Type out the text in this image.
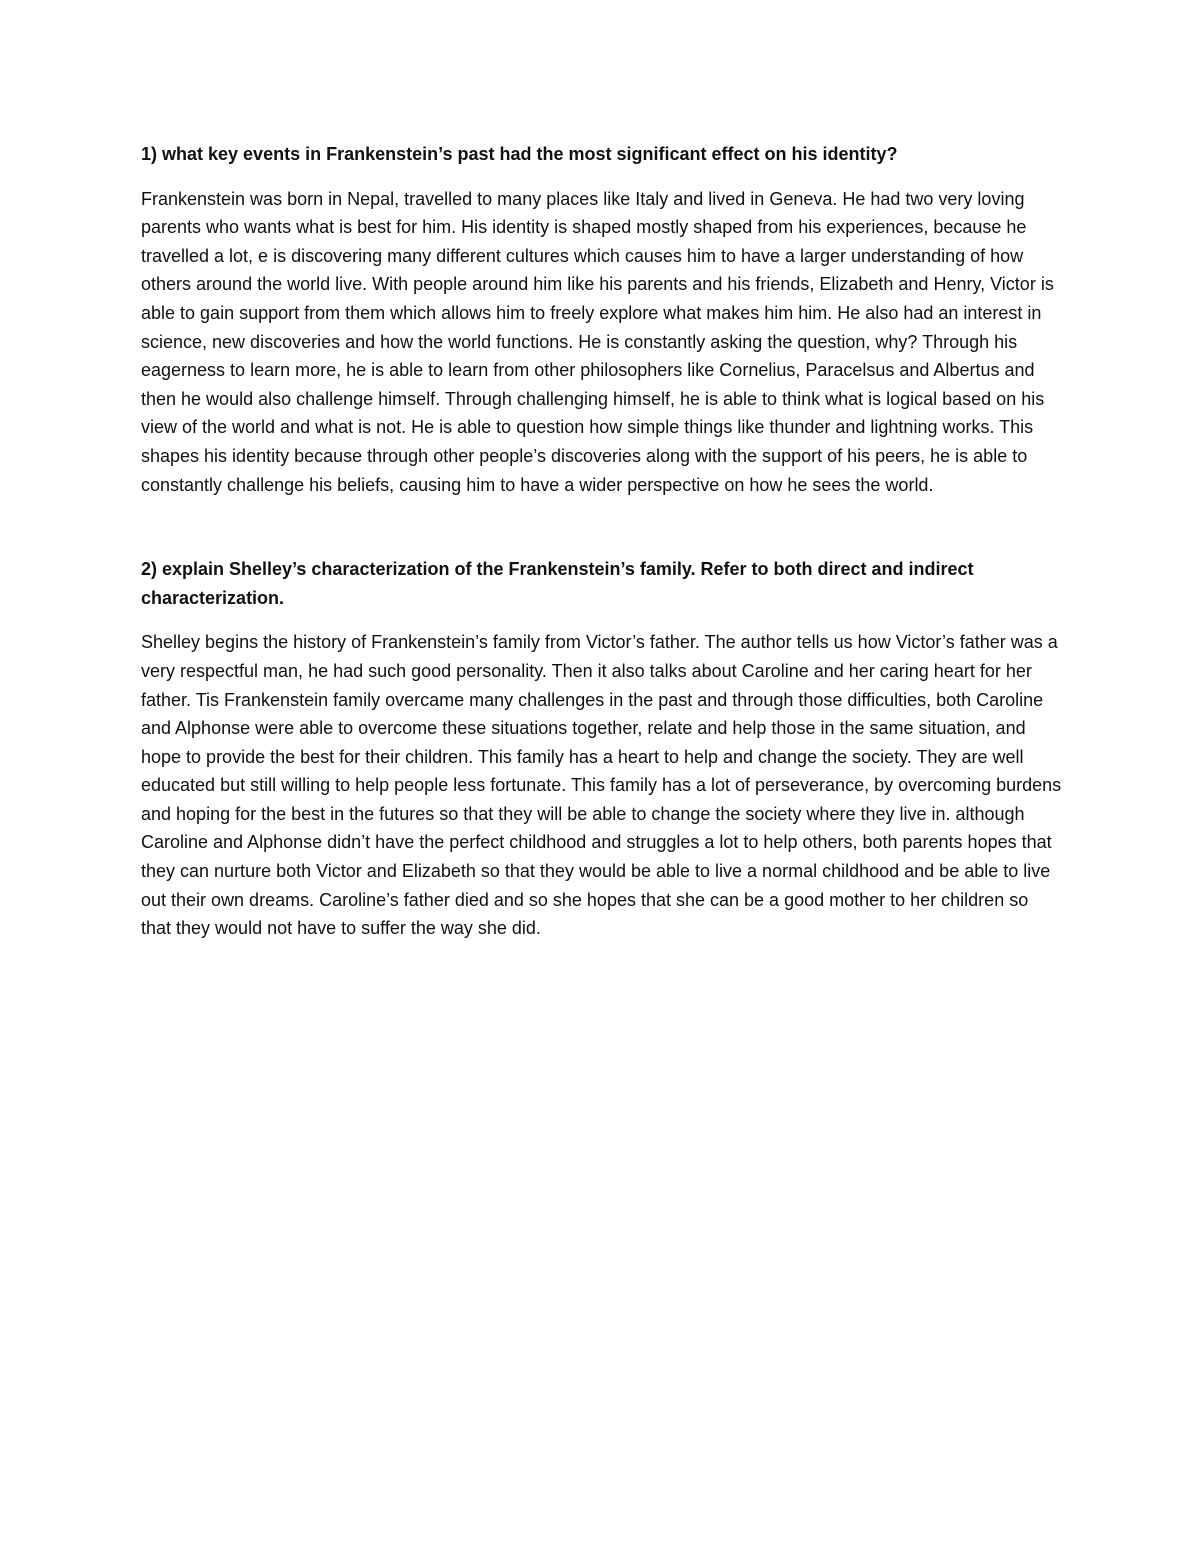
1) what key events in Frankenstein’s past had the most significant effect on his identity?

Frankenstein was born in Nepal, travelled to many places like Italy and lived in Geneva. He had two very loving parents who wants what is best for him. His identity is shaped mostly shaped from his experiences, because he travelled a lot, e is discovering many different cultures which causes him to have a larger understanding of how others around the world live. With people around him like his parents and his friends, Elizabeth and Henry, Victor is able to gain support from them which allows him to freely explore what makes him him. He also had an interest in science, new discoveries and how the world functions. He is constantly asking the question, why? Through his eagerness to learn more, he is able to learn from other philosophers like Cornelius, Paracelsus and Albertus and then he would also challenge himself. Through challenging himself, he is able to think what is logical based on his view of the world and what is not. He is able to question how simple things like thunder and lightning works. This shapes his identity because through other people’s discoveries along with the support of his peers, he is able to constantly challenge his beliefs, causing him to have a wider perspective on how he sees the world.

2) explain Shelley’s characterization of the Frankenstein’s family. Refer to both direct and indirect characterization.

Shelley begins the history of Frankenstein’s family from Victor’s father. The author tells us how Victor’s father was a very respectful man, he had such good personality. Then it also talks about Caroline and her caring heart for her father. Tis Frankenstein family overcame many challenges in the past and through those difficulties, both Caroline and Alphonse were able to overcome these situations together, relate and help those in the same situation, and hope to provide the best for their children. This family has a heart to help and change the society. They are well educated but still willing to help people less fortunate. This family has a lot of perseverance, by overcoming burdens and hoping for the best in the futures so that they will be able to change the society where they live in. although Caroline and Alphonse didn’t have the perfect childhood and struggles a lot to help others, both parents hopes that they can nurture both Victor and Elizabeth so that they would be able to live a normal childhood and be able to live out their own dreams. Caroline’s father died and so she hopes that she can be a good mother to her children so that they would not have to suffer the way she did.
